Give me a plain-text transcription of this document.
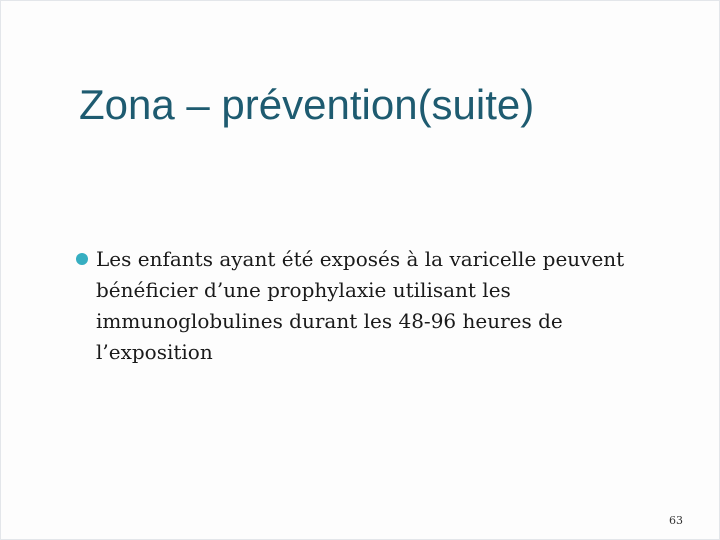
Zona – prévention(suite)
Les enfants ayant été exposés à la varicelle peuvent bénéficier d’une prophylaxie utilisant les immunoglobulines durant les 48-96 heures de l’exposition
63
